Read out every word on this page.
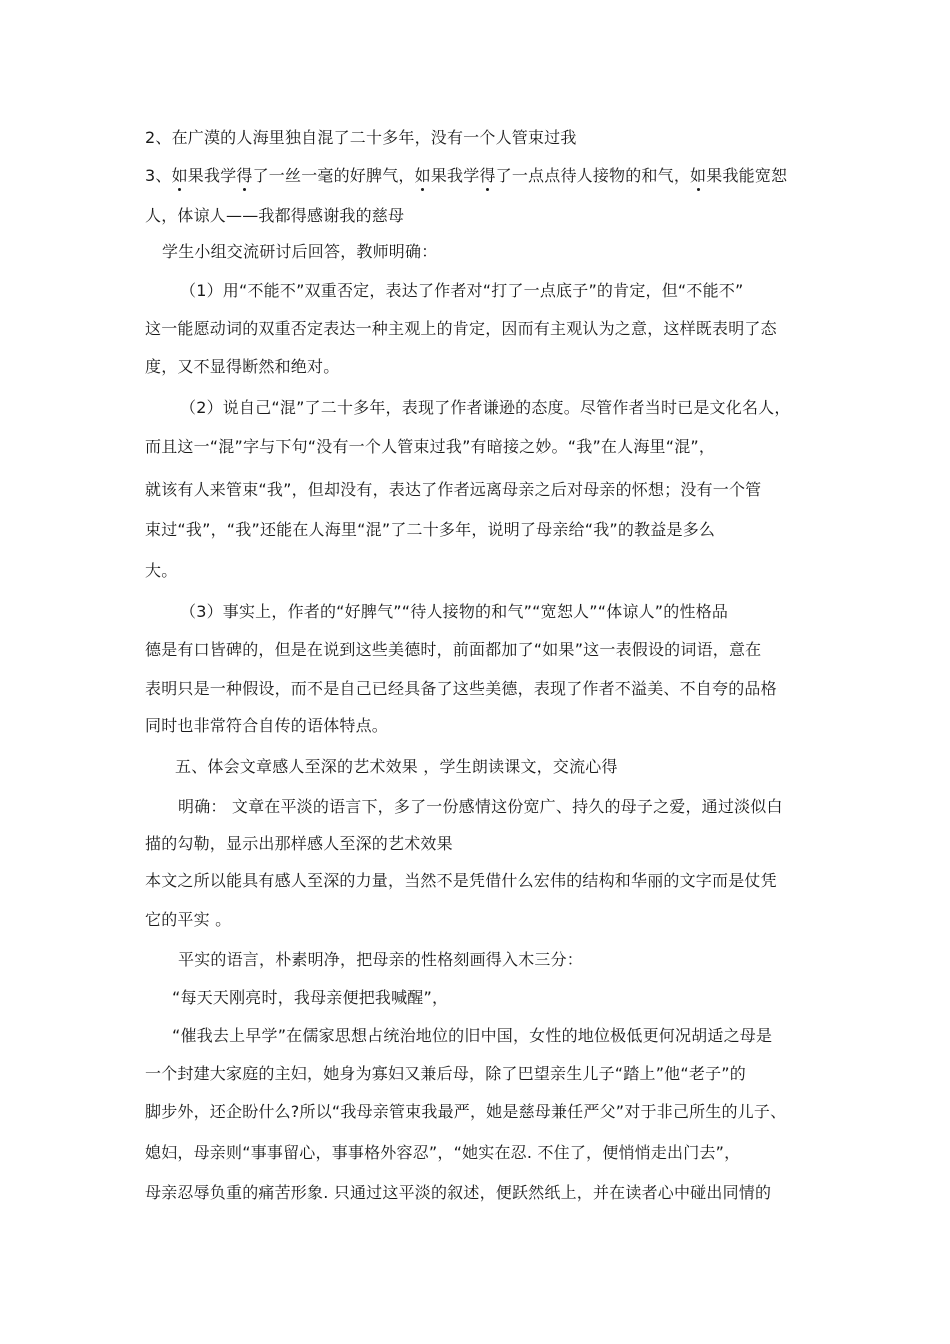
2、在广漠的人海里独自混了二十多年，没有一个人管束过我

3、如果我学得了一丝一毫的好脾气，如果我学得了一点点待人接物的和气，如果我能宽恕

人，体谅人——我都得感谢我的慈母

学生小组交流研讨后回答，教师明确：

（1）用“不能不”双重否定，表达了作者对“打了一点底子”的肯定，但“不能不”

这一能愿动词的双重否定表达一种主观上的肯定，因而有主观认为之意，这样既表明了态

度，又不显得断然和绝对。

（2）说自己“混”了二十多年，表现了作者谦逊的态度。尽管作者当时已是文化名人，

而且这一“混”字与下句“没有一个人管束过我”有暗接之妙。“我”在人海里“混”，

就该有人来管束“我”，但却没有，表达了作者远离母亲之后对母亲的怀想；没有一个管

束过“我”，“我”还能在人海里“混”了二十多年，说明了母亲给“我”的教益是多么

大。

（3）事实上，作者的“好脾气”“待人接物的和气”“宽恕人”“体谅人”的性格品

德是有口皆碑的，但是在说到这些美德时，前面都加了“如果”这一表假设的词语，意在

表明只是一种假设，而不是自己已经具备了这些美德，表现了作者不溢美、不自夸的品格

同时也非常符合自传的语体特点。

五、体会文章感人至深的艺术效果 ，学生朗读课文，交流心得

明确： 文章在平淡的语言下，多了一份感情这份宽广、持久的母子之爱，通过淡似白

描的勾勒，显示出那样感人至深的艺术效果

本文之所以能具有感人至深的力量，当然不是凭借什么宏伟的结构和华丽的文字而是仗凭

它的平实 。

平实的语言，朴素明净，把母亲的性格刻画得入木三分：

“每天天刚亮时，我母亲便把我喊醒”，

“催我去上早学”在儒家思想占统治地位的旧中国，女性的地位极低更何况胡适之母是

一个封建大家庭的主妇，她身为寡妇又兼后母，除了巴望亲生儿子“踏上”他“老子”的

脚步外，还企盼什么?所以“我母亲管束我最严，她是慈母兼任严父”对于非己所生的儿子、

媳妇，母亲则“事事留心，事事格外容忍”，“她实在忍. 不住了，便悄悄走出门去”，

母亲忍辱负重的痛苦形象. 只通过这平淡的叙述，便跃然纸上，并在读者心中碰出同情的
